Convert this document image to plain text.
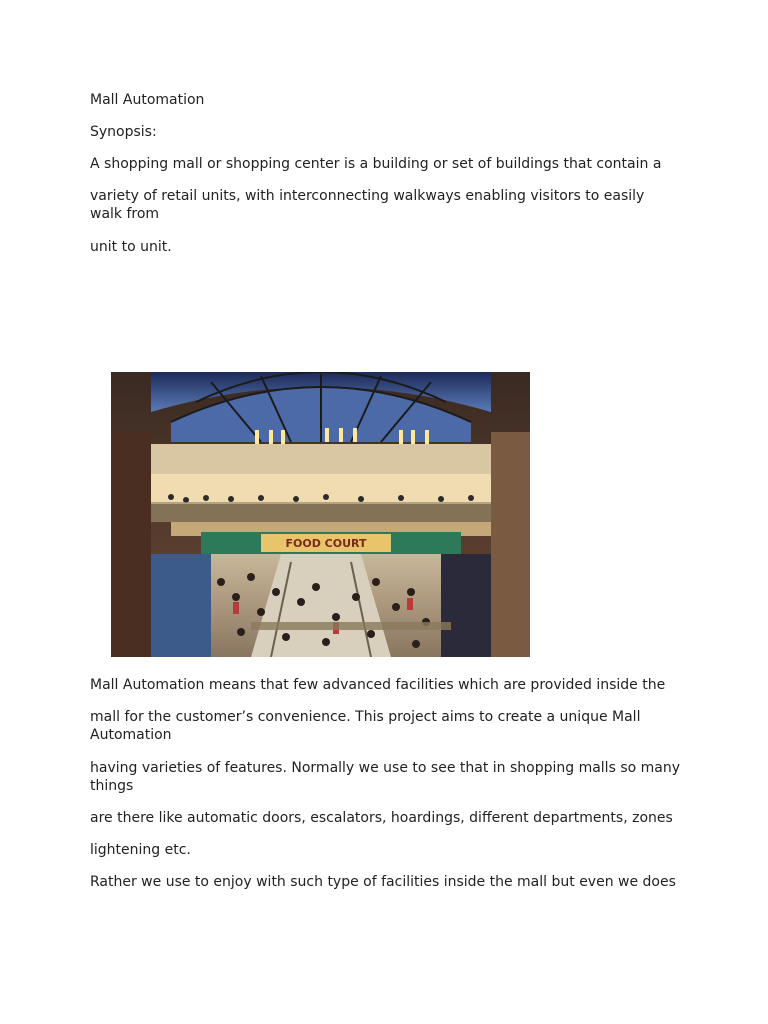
Mall Automation

Synopsis:

A shopping mall or shopping center is a building or set of buildings that contain a

variety of retail units, with interconnecting walkways enabling visitors to easily walk from

unit to unit.

FOOD COURT

Mall Automation means that few advanced facilities which are provided inside the

mall for the customer’s convenience. This project aims to create a unique Mall Automation

having varieties of features. Normally we use to see that in shopping malls so many things

are there like automatic doors, escalators, hoardings, different departments, zones

lightening etc.

Rather we use to enjoy with such type of facilities inside the mall but even we does
